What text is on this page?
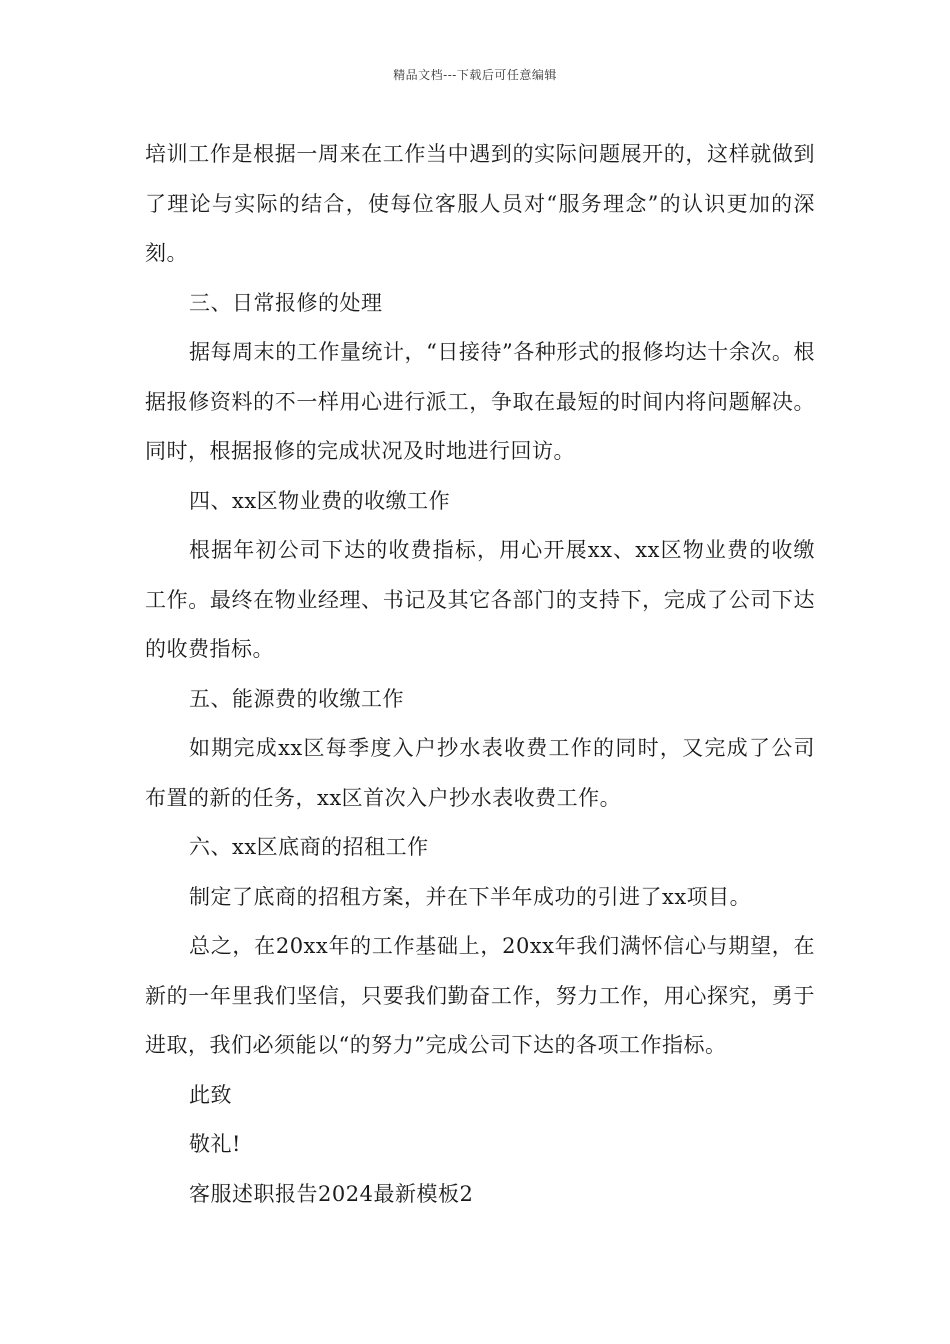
精品文档---下载后可任意编辑

培训工作是根据一周来在工作当中遇到的实际问题展开的，这样就做到了理论与实际的结合，使每位客服人员对“服务理念”的认识更加的深刻。

三、日常报修的处理

据每周末的工作量统计，“日接待”各种形式的报修均达十余次。根据报修资料的不一样用心进行派工，争取在最短的时间内将问题解决。同时，根据报修的完成状况及时地进行回访。

四、xx区物业费的收缴工作

根据年初公司下达的收费指标，用心开展xx、xx区物业费的收缴工作。最终在物业经理、书记及其它各部门的支持下，完成了公司下达的收费指标。

五、能源费的收缴工作

如期完成xx区每季度入户抄水表收费工作的同时，又完成了公司布置的新的任务，xx区首次入户抄水表收费工作。

六、xx区底商的招租工作

制定了底商的招租方案，并在下半年成功的引进了xx项目。

总之，在20xx年的工作基础上，20xx年我们满怀信心与期望，在新的一年里我们坚信，只要我们勤奋工作，努力工作，用心探究，勇于进取，我们必须能以“的努力”完成公司下达的各项工作指标。

此致

敬礼!

客服述职报告2024最新模板2
